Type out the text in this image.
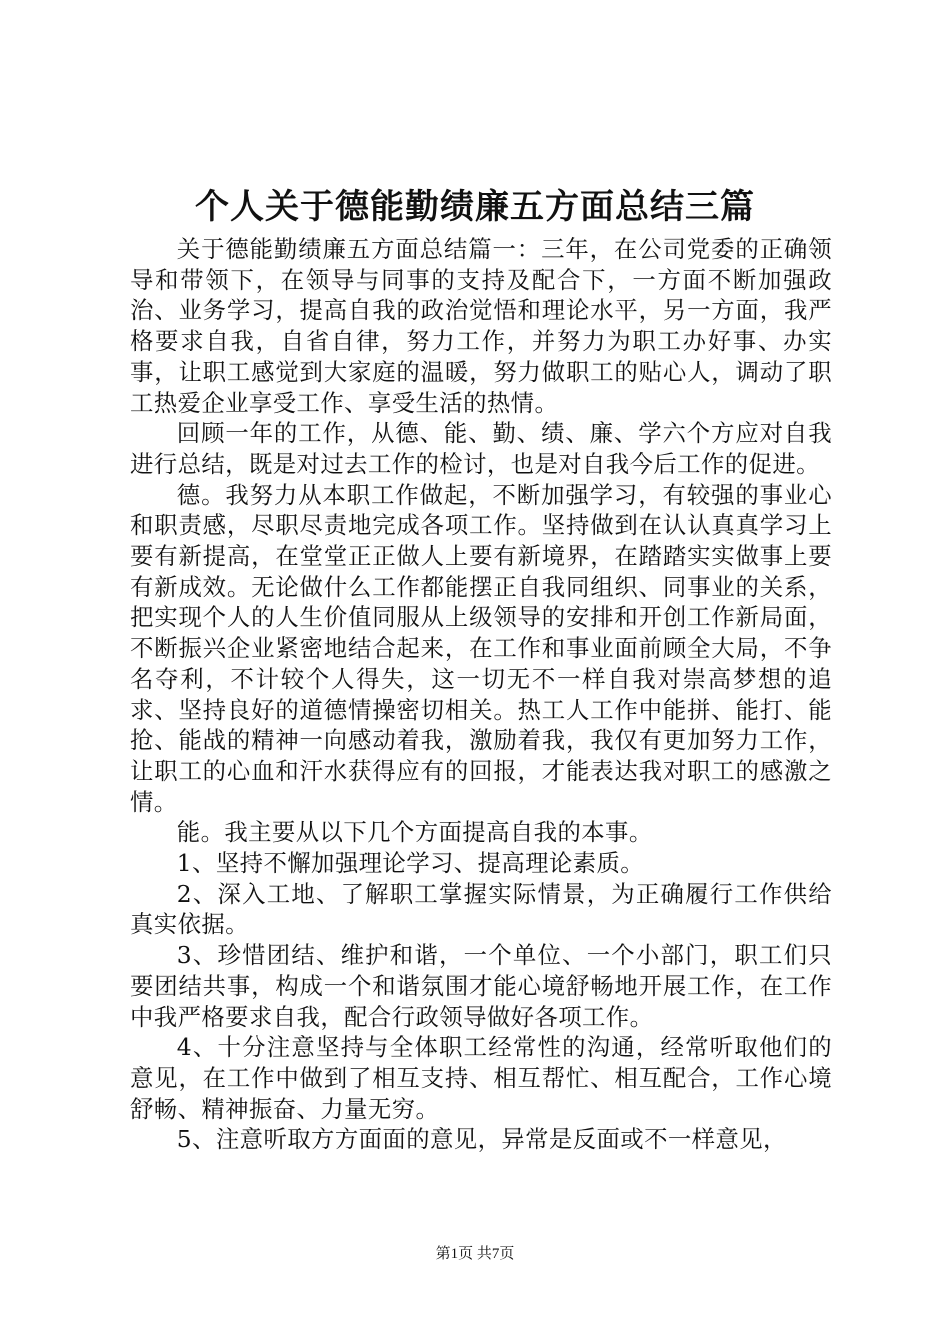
个人关于德能勤绩廉五方面总结三篇

关于德能勤绩廉五方面总结篇一：三年，在公司党委的正确领导和带领下，在领导与同事的支持及配合下，一方面不断加强政治、业务学习，提高自我的政治觉悟和理论水平，另一方面，我严格要求自我，自省自律，努力工作，并努力为职工办好事、办实事，让职工感觉到大家庭的温暖，努力做职工的贴心人，调动了职工热爱企业享受工作、享受生活的热情。

回顾一年的工作，从德、能、勤、绩、廉、学六个方应对自我进行总结，既是对过去工作的检讨，也是对自我今后工作的促进。

德。我努力从本职工作做起，不断加强学习，有较强的事业心和职责感，尽职尽责地完成各项工作。坚持做到在认认真真学习上要有新提高，在堂堂正正做人上要有新境界，在踏踏实实做事上要有新成效。无论做什么工作都能摆正自我同组织、同事业的关系，把实现个人的人生价值同服从上级领导的安排和开创工作新局面，不断振兴企业紧密地结合起来，在工作和事业面前顾全大局，不争名夺利，不计较个人得失，这一切无不一样自我对崇高梦想的追求、坚持良好的道德情操密切相关。热工人工作中能拼、能打、能抢、能战的精神一向感动着我，激励着我，我仅有更加努力工作，让职工的心血和汗水获得应有的回报，才能表达我对职工的感激之情。

能。我主要从以下几个方面提高自我的本事。

1、坚持不懈加强理论学习、提高理论素质。

2、深入工地、了解职工掌握实际情景，为正确履行工作供给真实依据。

3、珍惜团结、维护和谐，一个单位、一个小部门，职工们只要团结共事，构成一个和谐氛围才能心境舒畅地开展工作，在工作中我严格要求自我，配合行政领导做好各项工作。

4、十分注意坚持与全体职工经常性的沟通，经常听取他们的意见，在工作中做到了相互支持、相互帮忙、相互配合，工作心境舒畅、精神振奋、力量无穷。

5、注意听取方方面面的意见，异常是反面或不一样意见，

第1页 共7页
